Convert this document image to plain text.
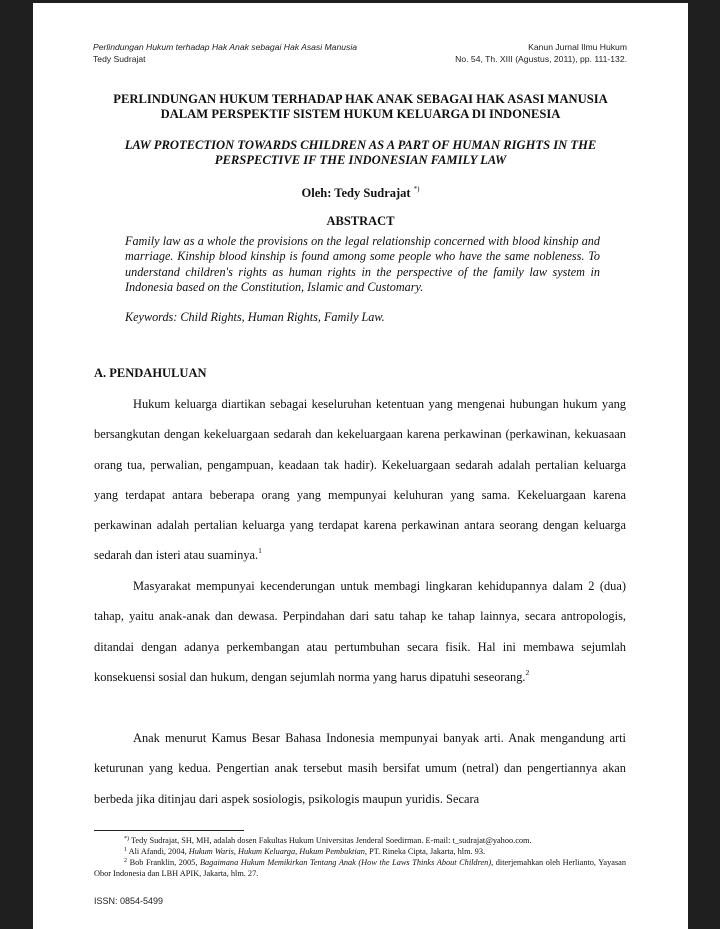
Perlindungan Hukum terhadap Hak Anak sebagai Hak Asasi Manusia
Tedy Sudrajat
Kanun Jurnal Ilmu Hukum
No. 54, Th. XIII (Agustus, 2011), pp. 111-132.
PERLINDUNGAN HUKUM TERHADAP HAK ANAK SEBAGAI HAK ASASI MANUSIA
DALAM PERSPEKTIF SISTEM HUKUM KELUARGA DI INDONESIA
LAW PROTECTION TOWARDS CHILDREN AS A PART OF HUMAN RIGHTS IN THE
PERSPECTIVE IF THE INDONESIAN FAMILY LAW
Oleh: Tedy Sudrajat *)
ABSTRACT

Family law as a whole the provisions on the legal relationship concerned with blood kinship and marriage. Kinship blood kinship is found among some people who have the same nobleness. To understand children's rights as human rights in the perspective of the family law system in Indonesia based on the Constitution, Islamic and Customary.

Keywords: Child Rights, Human Rights, Family Law.

A. PENDAHULUAN

Hukum keluarga diartikan sebagai keseluruhan ketentuan yang mengenai hubungan hukum yang bersangkutan dengan kekeluargaan sedarah dan kekeluargaan karena perkawinan (perkawinan, kekuasaan orang tua, perwalian, pengampuan, keadaan tak hadir). Kekeluargaan sedarah adalah pertalian keluarga yang terdapat antara beberapa orang yang mempunyai keluhuran yang sama. Kekeluargaan karena perkawinan adalah pertalian keluarga yang terdapat karena perkawinan antara seorang dengan keluarga sedarah dan isteri atau suaminya.$^1$

Masyarakat mempunyai kecenderungan untuk membagi lingkaran kehidupannya dalam 2 (dua) tahap, yaitu anak-anak dan dewasa. Perpindahan dari satu tahap ke tahap lainnya, secara antropologis, ditandai dengan adanya perkembangan atau pertumbuhan secara fisik. Hal ini membawa sejumlah konsekuensi sosial dan hukum, dengan sejumlah norma yang harus dipatuhi seseorang.$^2$

Anak menurut Kamus Besar Bahasa Indonesia mempunyai banyak arti. Anak mengandung arti keturunan yang kedua. Pengertian anak tersebut masih bersifat umum (netral) dan pengertiannya akan berbeda jika ditinjau dari aspek sosiologis, psikologis maupun yuridis. Secara

*) Tedy Sudrajat, SH, MH, adalah dosen Fakultas Hukum Universitas Jenderal Soedirman. E-mail: t_sudrajat@yahoo.com.

$^1$ Ali Afandi, 2004, Hukum Waris, Hukum Keluarga, Hukum Pembuktian, PT. Rineka Cipta, Jakarta, hlm. 93.

$^2$ Bob Franklin, 2005, Bagaimana Hukum Memikirkan Tentang Anak (How the Laws Thinks About Children), diterjemahkan oleh Herlianto, Yayasan Obor Indonesia dan LBH APIK, Jakarta, hlm. 27.

ISSN: 0854-5499
